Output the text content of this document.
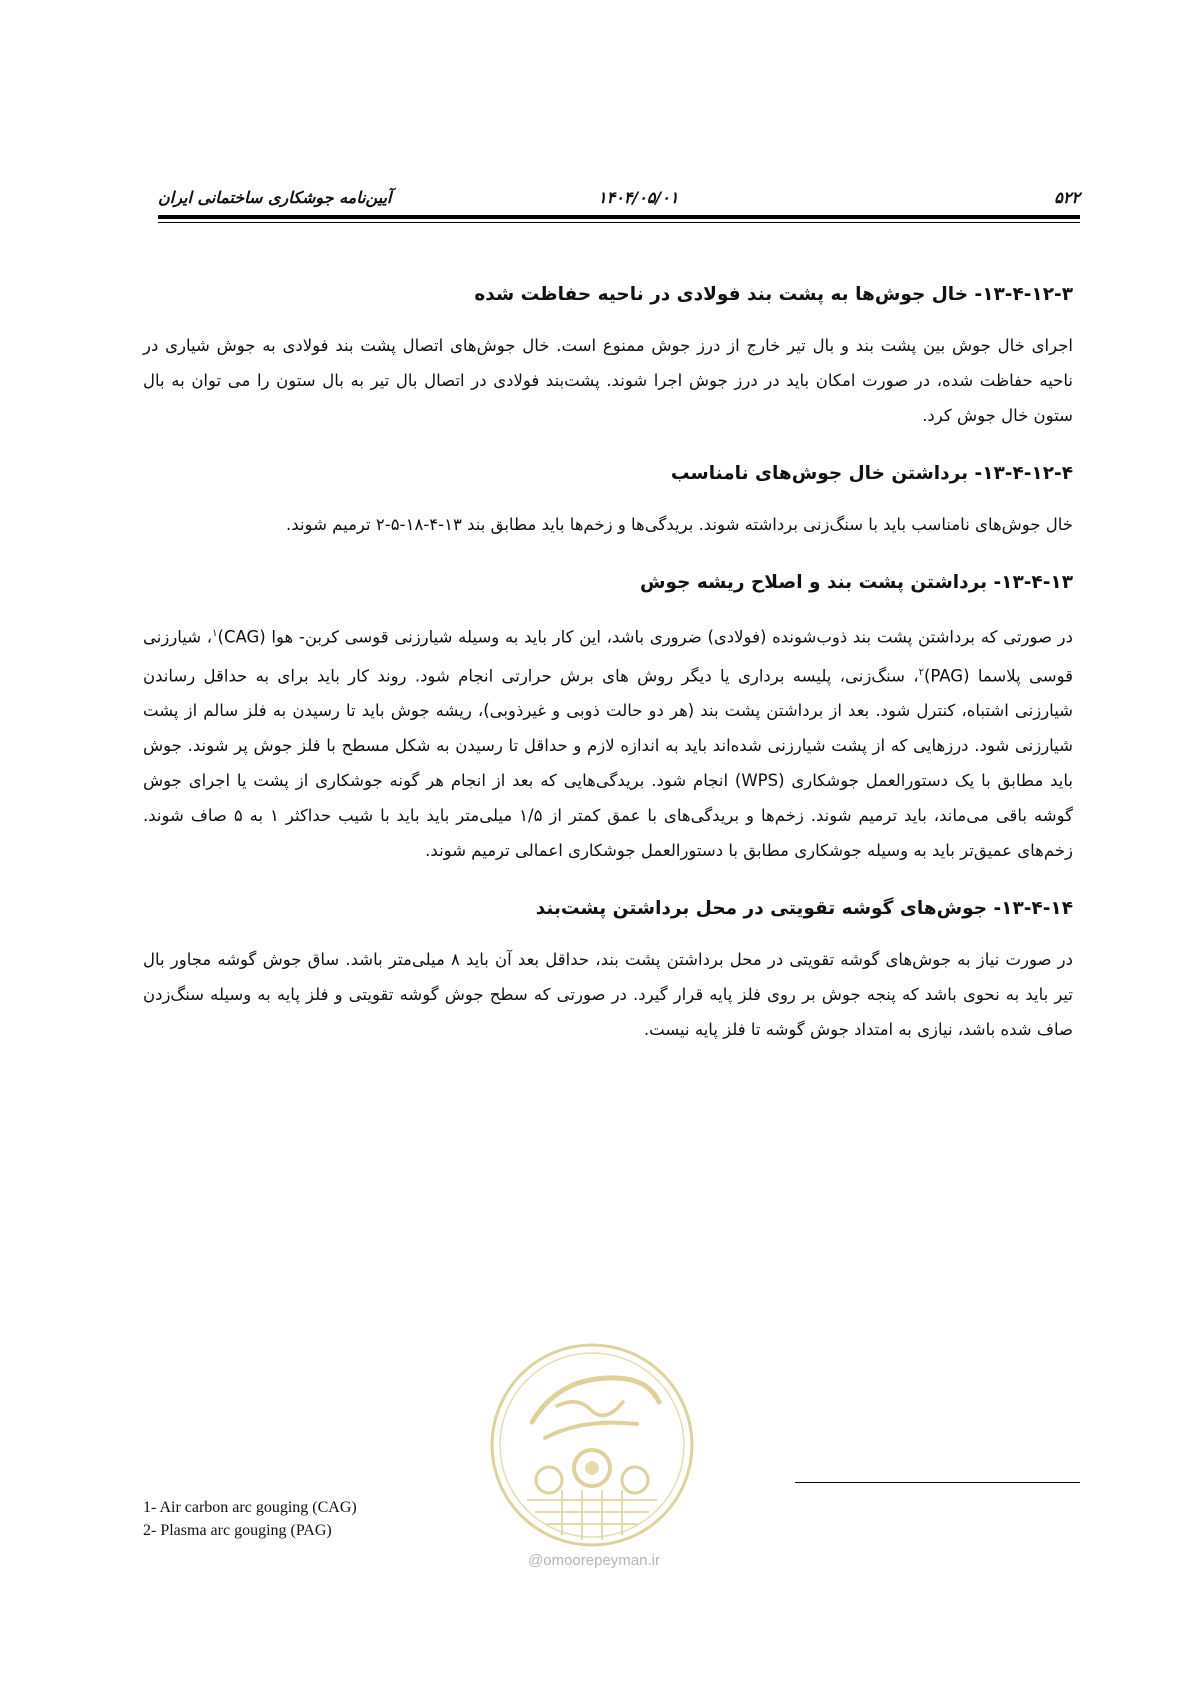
آیین‌نامه جوشکاری ساختمانی ایران	۱۴۰۴/۰۵/۰۱	۵۲۲
۱۳-۴-۱۲-۳- خال جوش‌ها به پشت بند فولادی در ناحیه حفاظت شده

اجرای خال جوش بین پشت بند و بال تیر خارج از درز جوش ممنوع است. خال جوش‌های اتصال پشت بند فولادی به جوش شیاری در ناحیه حفاظت شده، در صورت امکان باید در درز جوش اجرا شوند. پشت‌بند فولادی در اتصال بال تیر به بال ستون را می توان به بال ستون خال جوش کرد.

۱۳-۴-۱۲-۴- برداشتن خال جوش‌های نامناسب

خال جوش‌های نامناسب باید با سنگ‌زنی برداشته شوند. بریدگی‌ها و زخم‌ها باید مطابق بند ۱۳-۴-۱۸-۵-۲ ترمیم شوند.

۱۳-۴-۱۳- برداشتن پشت بند و اصلاح ریشه جوش

در صورتی که برداشتن پشت بند ذوب‌شونده (فولادی) ضروری باشد، این کار باید به وسیله شیارزنی قوسی کربن- هوا (CAG)$^۱$، شیارزنی قوسی پلاسما (PAG)$^۲$، سنگ‌زنی، پلیسه برداری یا دیگر روش های برش حرارتی انجام شود. روند کار باید برای به حداقل رساندن شیارزنی اشتباه، کنترل شود. بعد از برداشتن پشت بند (هر دو حالت ذوبی و غیرذوبی)، ریشه جوش باید تا رسیدن به فلز سالم از پشت شیارزنی شود. درزهایی که از پشت شیارزنی شده‌اند باید به اندازه لازم و حداقل تا رسیدن به شکل مسطح با فلز جوش پر شوند. جوش باید مطابق با یک دستورالعمل جوشکاری (WPS) انجام شود. بریدگی‌هایی که بعد از انجام هر گونه جوشکاری از پشت یا اجرای جوش گوشه باقی می‌ماند، باید ترمیم شوند. زخم‌ها و بریدگی‌های با عمق کمتر از ۱/۵ میلی‌متر باید باید با شیب حداکثر ۱ به ۵ صاف شوند. زخم‌های عمیق‌تر باید به وسیله جوشکاری مطابق با دستورالعمل جوشکاری اعمالی ترمیم شوند.

۱۳-۴-۱۴- جوش‌های گوشه تقویتی در محل برداشتن پشت‌بند

در صورت نیاز به جوش‌های گوشه تقویتی در محل برداشتن پشت بند، حداقل بعد آن باید ۸ میلی‌متر باشد. ساق جوش گوشه مجاور بال تیر باید به نحوی باشد که پنجه جوش بر روی فلز پایه قرار گیرد. در صورتی که سطح جوش گوشه تقویتی و فلز پایه به وسیله سنگ‌زدن صاف شده باشد، نیازی به امتداد جوش گوشه تا فلز پایه نیست.

1- Air carbon arc gouging (CAG)
2- Plasma arc gouging (PAG)
@omoorepeyman.ir
